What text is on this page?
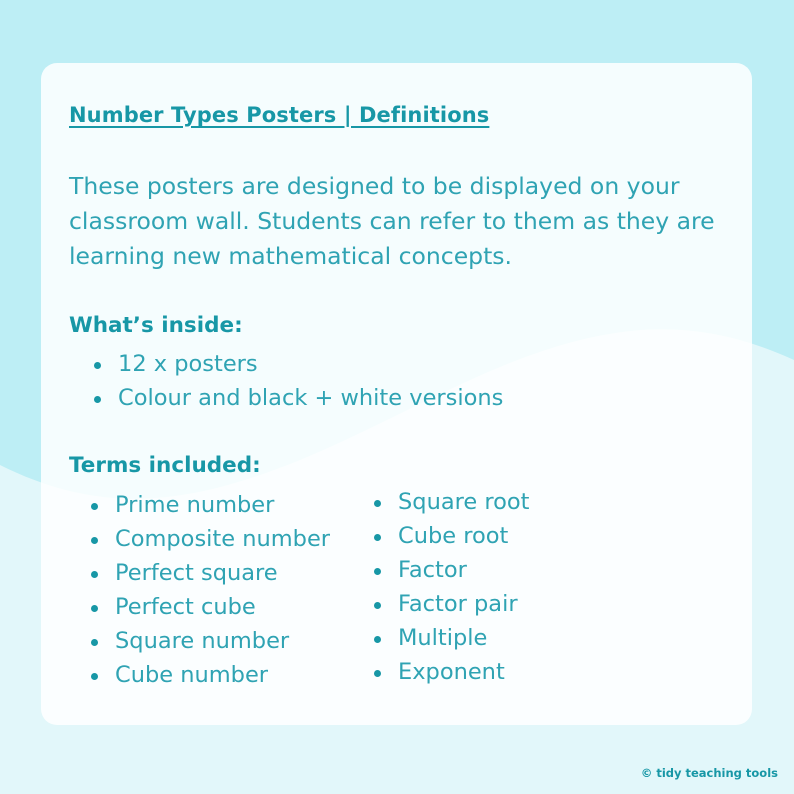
Number Types Posters | Definitions

These posters are designed to be displayed on your classroom wall. Students can refer to them as they are learning new mathematical concepts.

What’s inside:
12 x posters
Colour and black + white versions
Terms included:
Prime number
Composite number
Perfect square
Perfect cube
Square number
Cube number
Square root
Cube root
Factor
Factor pair
Multiple
Exponent
© tidy teaching tools
